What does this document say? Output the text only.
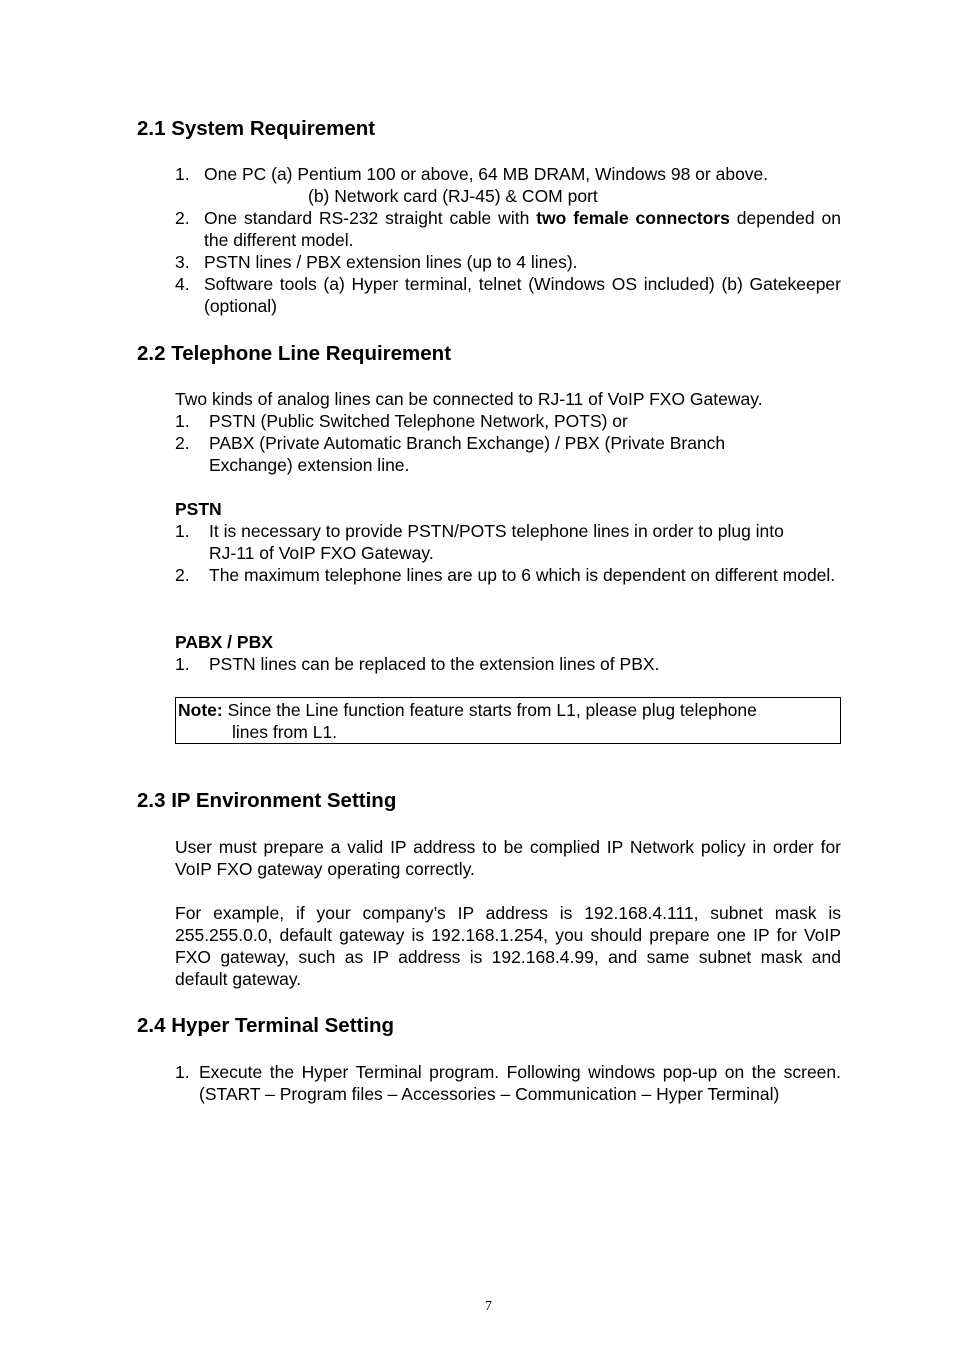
2.1 System Requirement
1. One PC (a) Pentium 100 or above, 64 MB DRAM, Windows 98 or above.

(b) Network card (RJ-45) & COM port

2. One standard RS-232 straight cable with two female connectors depended on the different model.

3. PSTN lines / PBX extension lines (up to 4 lines).

4. Software tools (a) Hyper terminal, telnet (Windows OS included) (b) Gatekeeper (optional)

2.2 Telephone Line Requirement

Two kinds of analog lines can be connected to RJ-11 of VoIP FXO Gateway.

1. PSTN (Public Switched Telephone Network, POTS) or

2. PABX (Private Automatic Branch Exchange) / PBX (Private Branch Exchange) extension line.

PSTN

1. It is necessary to provide PSTN/POTS telephone lines in order to plug into RJ-11 of VoIP FXO Gateway.

2. The maximum telephone lines are up to 6 which is dependent on different model.

PABX / PBX

1. PSTN lines can be replaced to the extension lines of PBX.

Note: Since the Line function feature starts from L1, please plug telephone

lines from L1.

2.3 IP Environment Setting

User must prepare a valid IP address to be complied IP Network policy in order for VoIP FXO gateway operating correctly.

For example, if your company’s IP address is 192.168.4.111, subnet mask is 255.255.0.0, default gateway is 192.168.1.254, you should prepare one IP for VoIP FXO gateway, such as IP address is 192.168.4.99, and same subnet mask and default gateway.

2.4 Hyper Terminal Setting
1. Execute the Hyper Terminal program. Following windows pop-up on the screen. (START – Program files – Accessories – Communication – Hyper Terminal)

7
